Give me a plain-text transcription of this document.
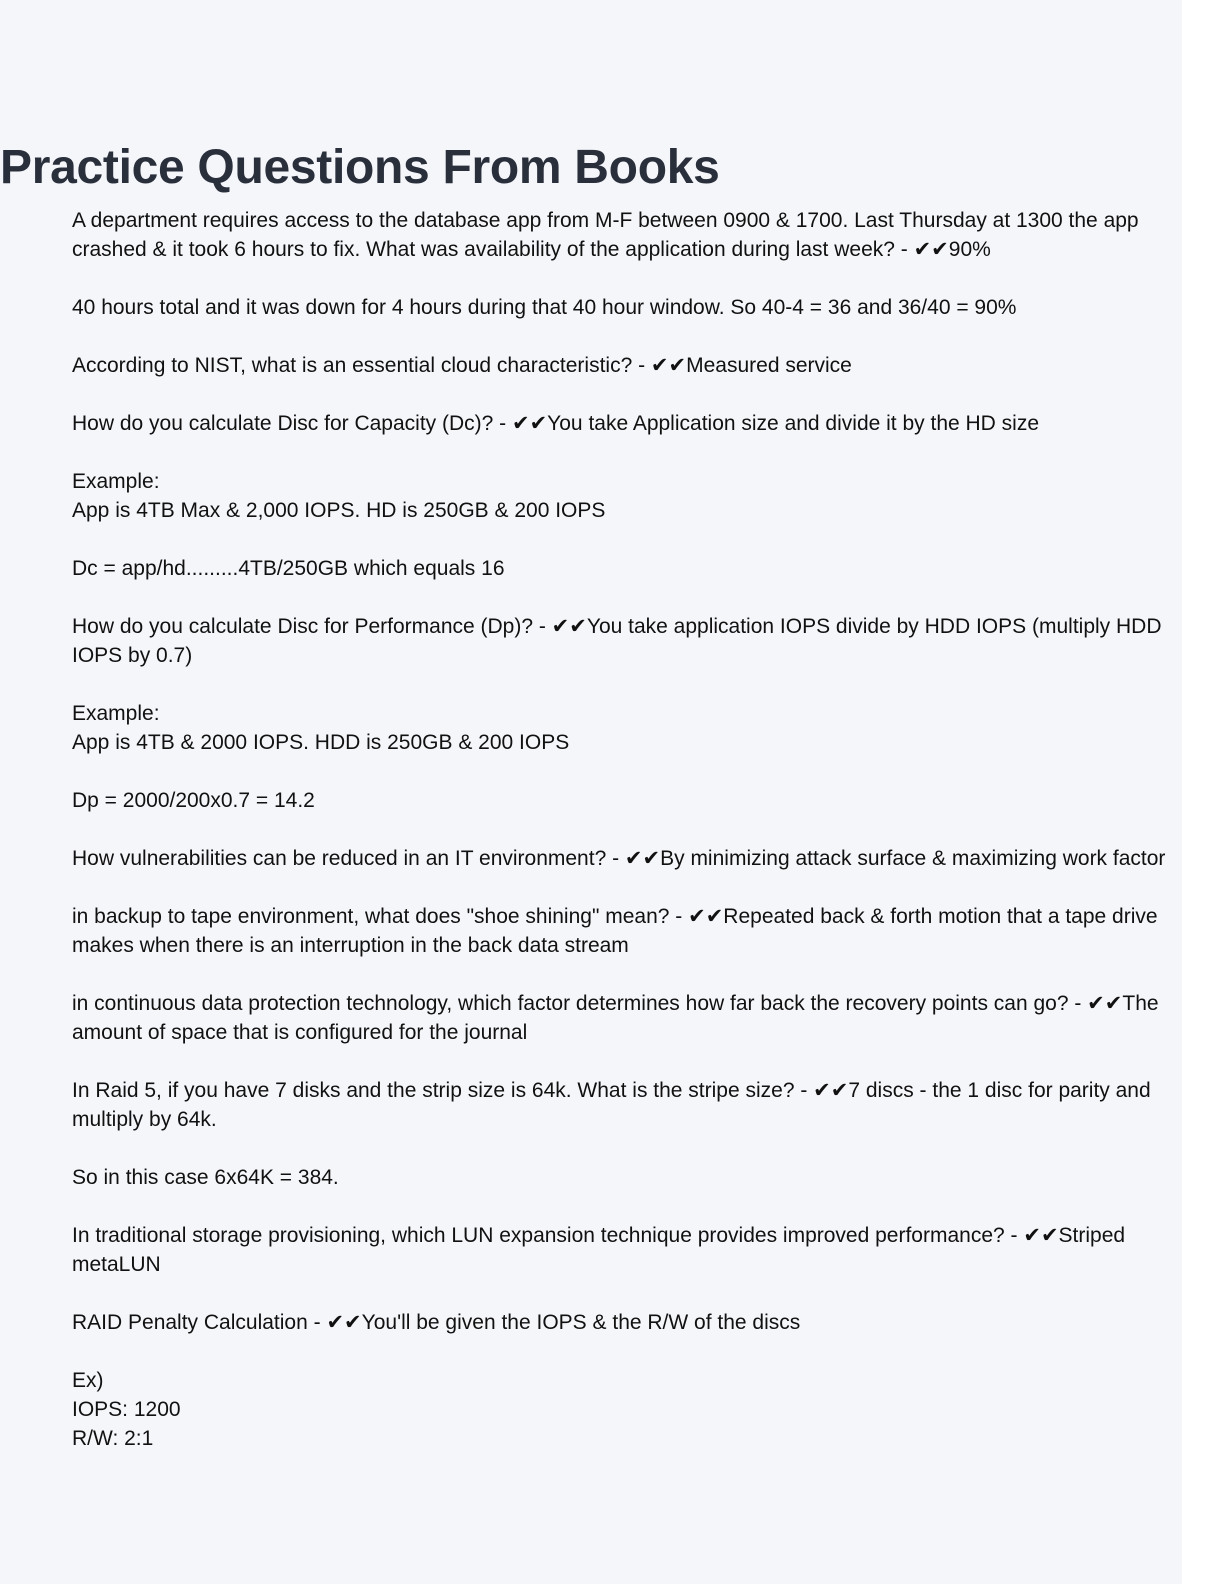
Practice Questions From Books

A department requires access to the database app from M-F between 0900 & 1700. Last Thursday at 1300 the app crashed & it took 6 hours to fix. What was availability of the application during last week? - ✔✔90%

40 hours total and it was down for 4 hours during that 40 hour window. So 40-4 = 36 and 36/40 = 90%

According to NIST, what is an essential cloud characteristic? - ✔✔Measured service

How do you calculate Disc for Capacity (Dc)? - ✔✔You take Application size and divide it by the HD size

Example:

App is 4TB Max & 2,000 IOPS. HD is 250GB & 200 IOPS

Dc = app/hd.........4TB/250GB which equals 16

How do you calculate Disc for Performance (Dp)? - ✔✔You take application IOPS divide by HDD IOPS (multiply HDD IOPS by 0.7)

Example:

App is 4TB & 2000 IOPS. HDD is 250GB & 200 IOPS

Dp = 2000/200x0.7 = 14.2

How vulnerabilities can be reduced in an IT environment? - ✔✔By minimizing attack surface & maximizing work factor

in backup to tape environment, what does "shoe shining" mean? - ✔✔Repeated back & forth motion that a tape drive makes when there is an interruption in the back data stream

in continuous data protection technology, which factor determines how far back the recovery points can go? - ✔✔The amount of space that is configured for the journal

In Raid 5, if you have 7 disks and the strip size is 64k. What is the stripe size? - ✔✔7 discs - the 1 disc for parity and multiply by 64k.

So in this case 6x64K = 384.

In traditional storage provisioning, which LUN expansion technique provides improved performance? - ✔✔Striped metaLUN

RAID Penalty Calculation - ✔✔You'll be given the IOPS & the R/W of the discs

Ex)

IOPS: 1200

R/W: 2:1
